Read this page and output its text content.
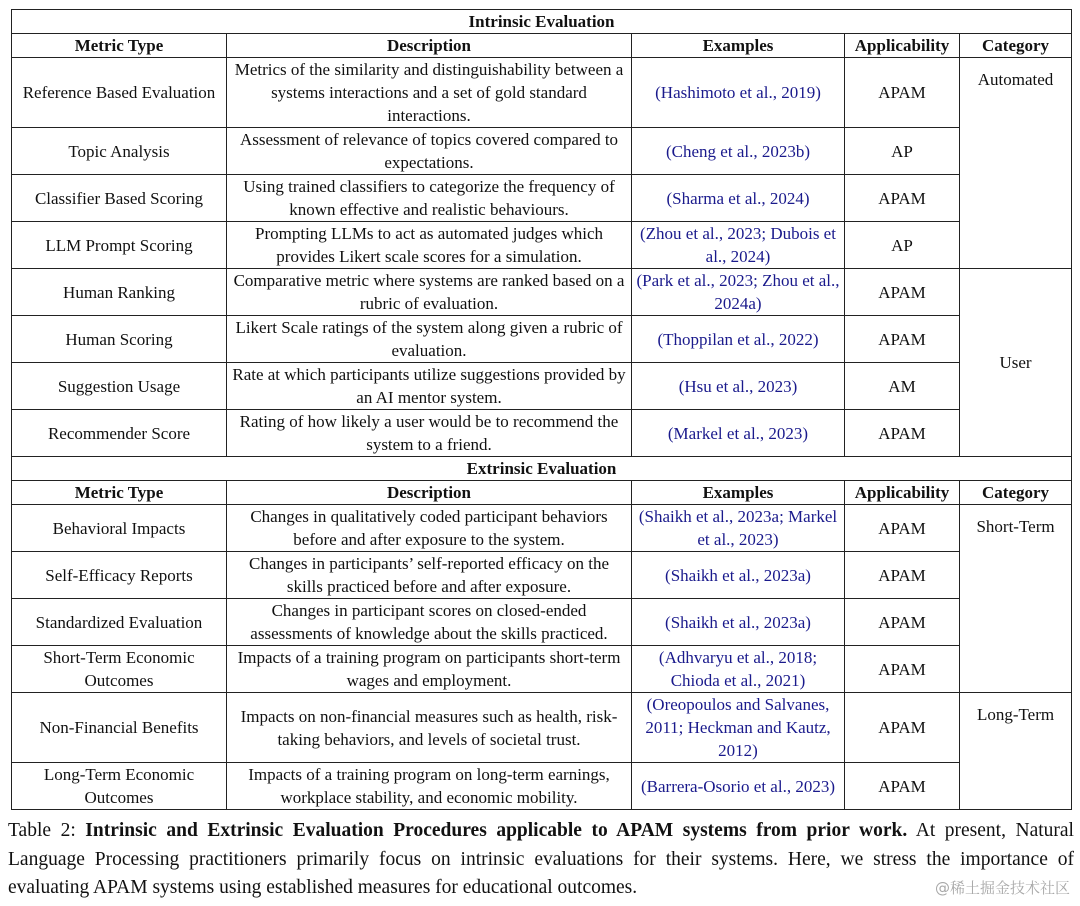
Intrinsic Evaluation				
Metric Type	Description	Examples	Applicability	Category
Reference Based Evaluation	Metrics of the similarity and distinguishability between a systems interactions and a set of gold standard interactions.	(Hashimoto et al., 2019)	APAM	Automated
Topic Analysis	Assessment of relevance of topics covered compared to expectations.	(Cheng et al., 2023b)	AP	
Classifier Based Scoring	Using trained classifiers to categorize the frequency of known effective and realistic behaviours.	(Sharma et al., 2024)	APAM	
LLM Prompt Scoring	Prompting LLMs to act as automated judges which provides Likert scale scores for a simulation.	(Zhou et al., 2023; Dubois et al., 2024)	AP	
Human Ranking	Comparative metric where systems are ranked based on a rubric of evaluation.	(Park et al., 2023; Zhou et al., 2024a)	APAM	User
Human Scoring	Likert Scale ratings of the system along given a rubric of evaluation.	(Thoppilan et al., 2022)	APAM	
Suggestion Usage	Rate at which participants utilize suggestions provided by an AI mentor system.	(Hsu et al., 2023)	AM	
Recommender Score	Rating of how likely a user would be to recommend the system to a friend.	(Markel et al., 2023)	APAM	
Extrinsic Evaluation				
Metric Type	Description	Examples	Applicability	Category
Behavioral Impacts	Changes in qualitatively coded participant behaviors before and after exposure to the system.	(Shaikh et al., 2023a; Markel et al., 2023)	APAM	Short-Term
Self-Efficacy Reports	Changes in participants’ self-reported efficacy on the skills practiced before and after exposure.	(Shaikh et al., 2023a)	APAM	
Standardized Evaluation	Changes in participant scores on closed-ended assessments of knowledge about the skills practiced.	(Shaikh et al., 2023a)	APAM	
Short-Term Economic Outcomes	Impacts of a training program on participants short-term wages and employment.	(Adhvaryu et al., 2018; Chioda et al., 2021)	APAM	
Non-Financial Benefits	Impacts on non-financial measures such as health, risk-taking behaviors, and levels of societal trust.	(Oreopoulos and Salvanes, 2011; Heckman and Kautz, 2012)	APAM	Long-Term
Long-Term Economic Outcomes	Impacts of a training program on long-term earnings, workplace stability, and economic mobility.	(Barrera-Osorio et al., 2023)	APAM	
Table 2: Intrinsic and Extrinsic Evaluation Procedures applicable to APAM systems from prior work. At present, Natural Language Processing practitioners primarily focus on intrinsic evaluations for their systems. Here, we stress the importance of evaluating APAM systems using established measures for educational outcomes.	@稀土掘金技术社区
